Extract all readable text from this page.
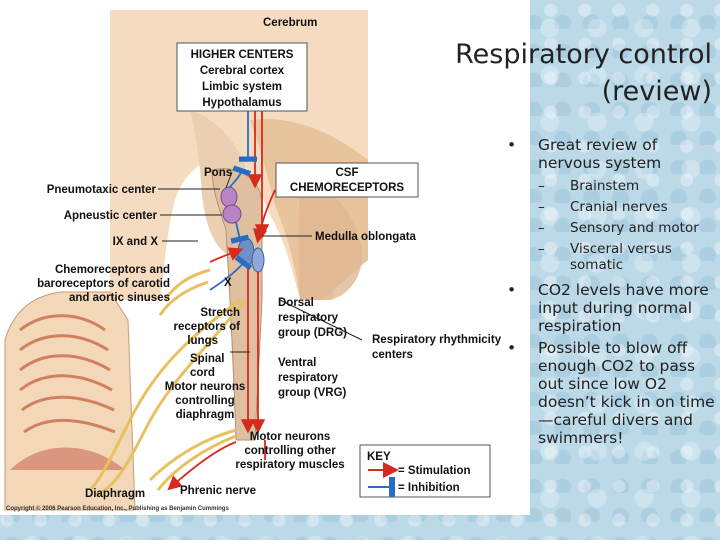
Cerebrum
HIGHER CENTERS
Cerebral cortex
Limbic system
Hypothalamus
Pons	CSF
CHEMORECEPTORS
Pneumotaxic center
Apneustic center
IX and X
Chemoreceptors and
baroreceptors of carotid
and aortic sinuses
X
Medulla oblongata
Stretch
receptors of
lungs
Dorsal
respiratory
group (DRG)
Respiratory rhythmicity
centers
Spinal
cord
Ventral
respiratory
group (VRG)
Motor neurons
controlling
diaphragm
Motor neurons
controlling other
respiratory muscles
Diaphragm	Phrenic nerve
KEY
= Stimulation
= Inhibition
Copyright © 2006 Pearson Education, Inc., Publishing as Benjamin Cummings
Respiratory control
(review)
• Great review of nervous system
– Brainstem
– Cranial nerves
– Sensory and motor
– Visceral versus somatic
• CO2 levels have more input during normal respiration
• Possible to blow off enough CO2 to pass out since low O2 doesn’t kick in on time—careful divers and swimmers!
